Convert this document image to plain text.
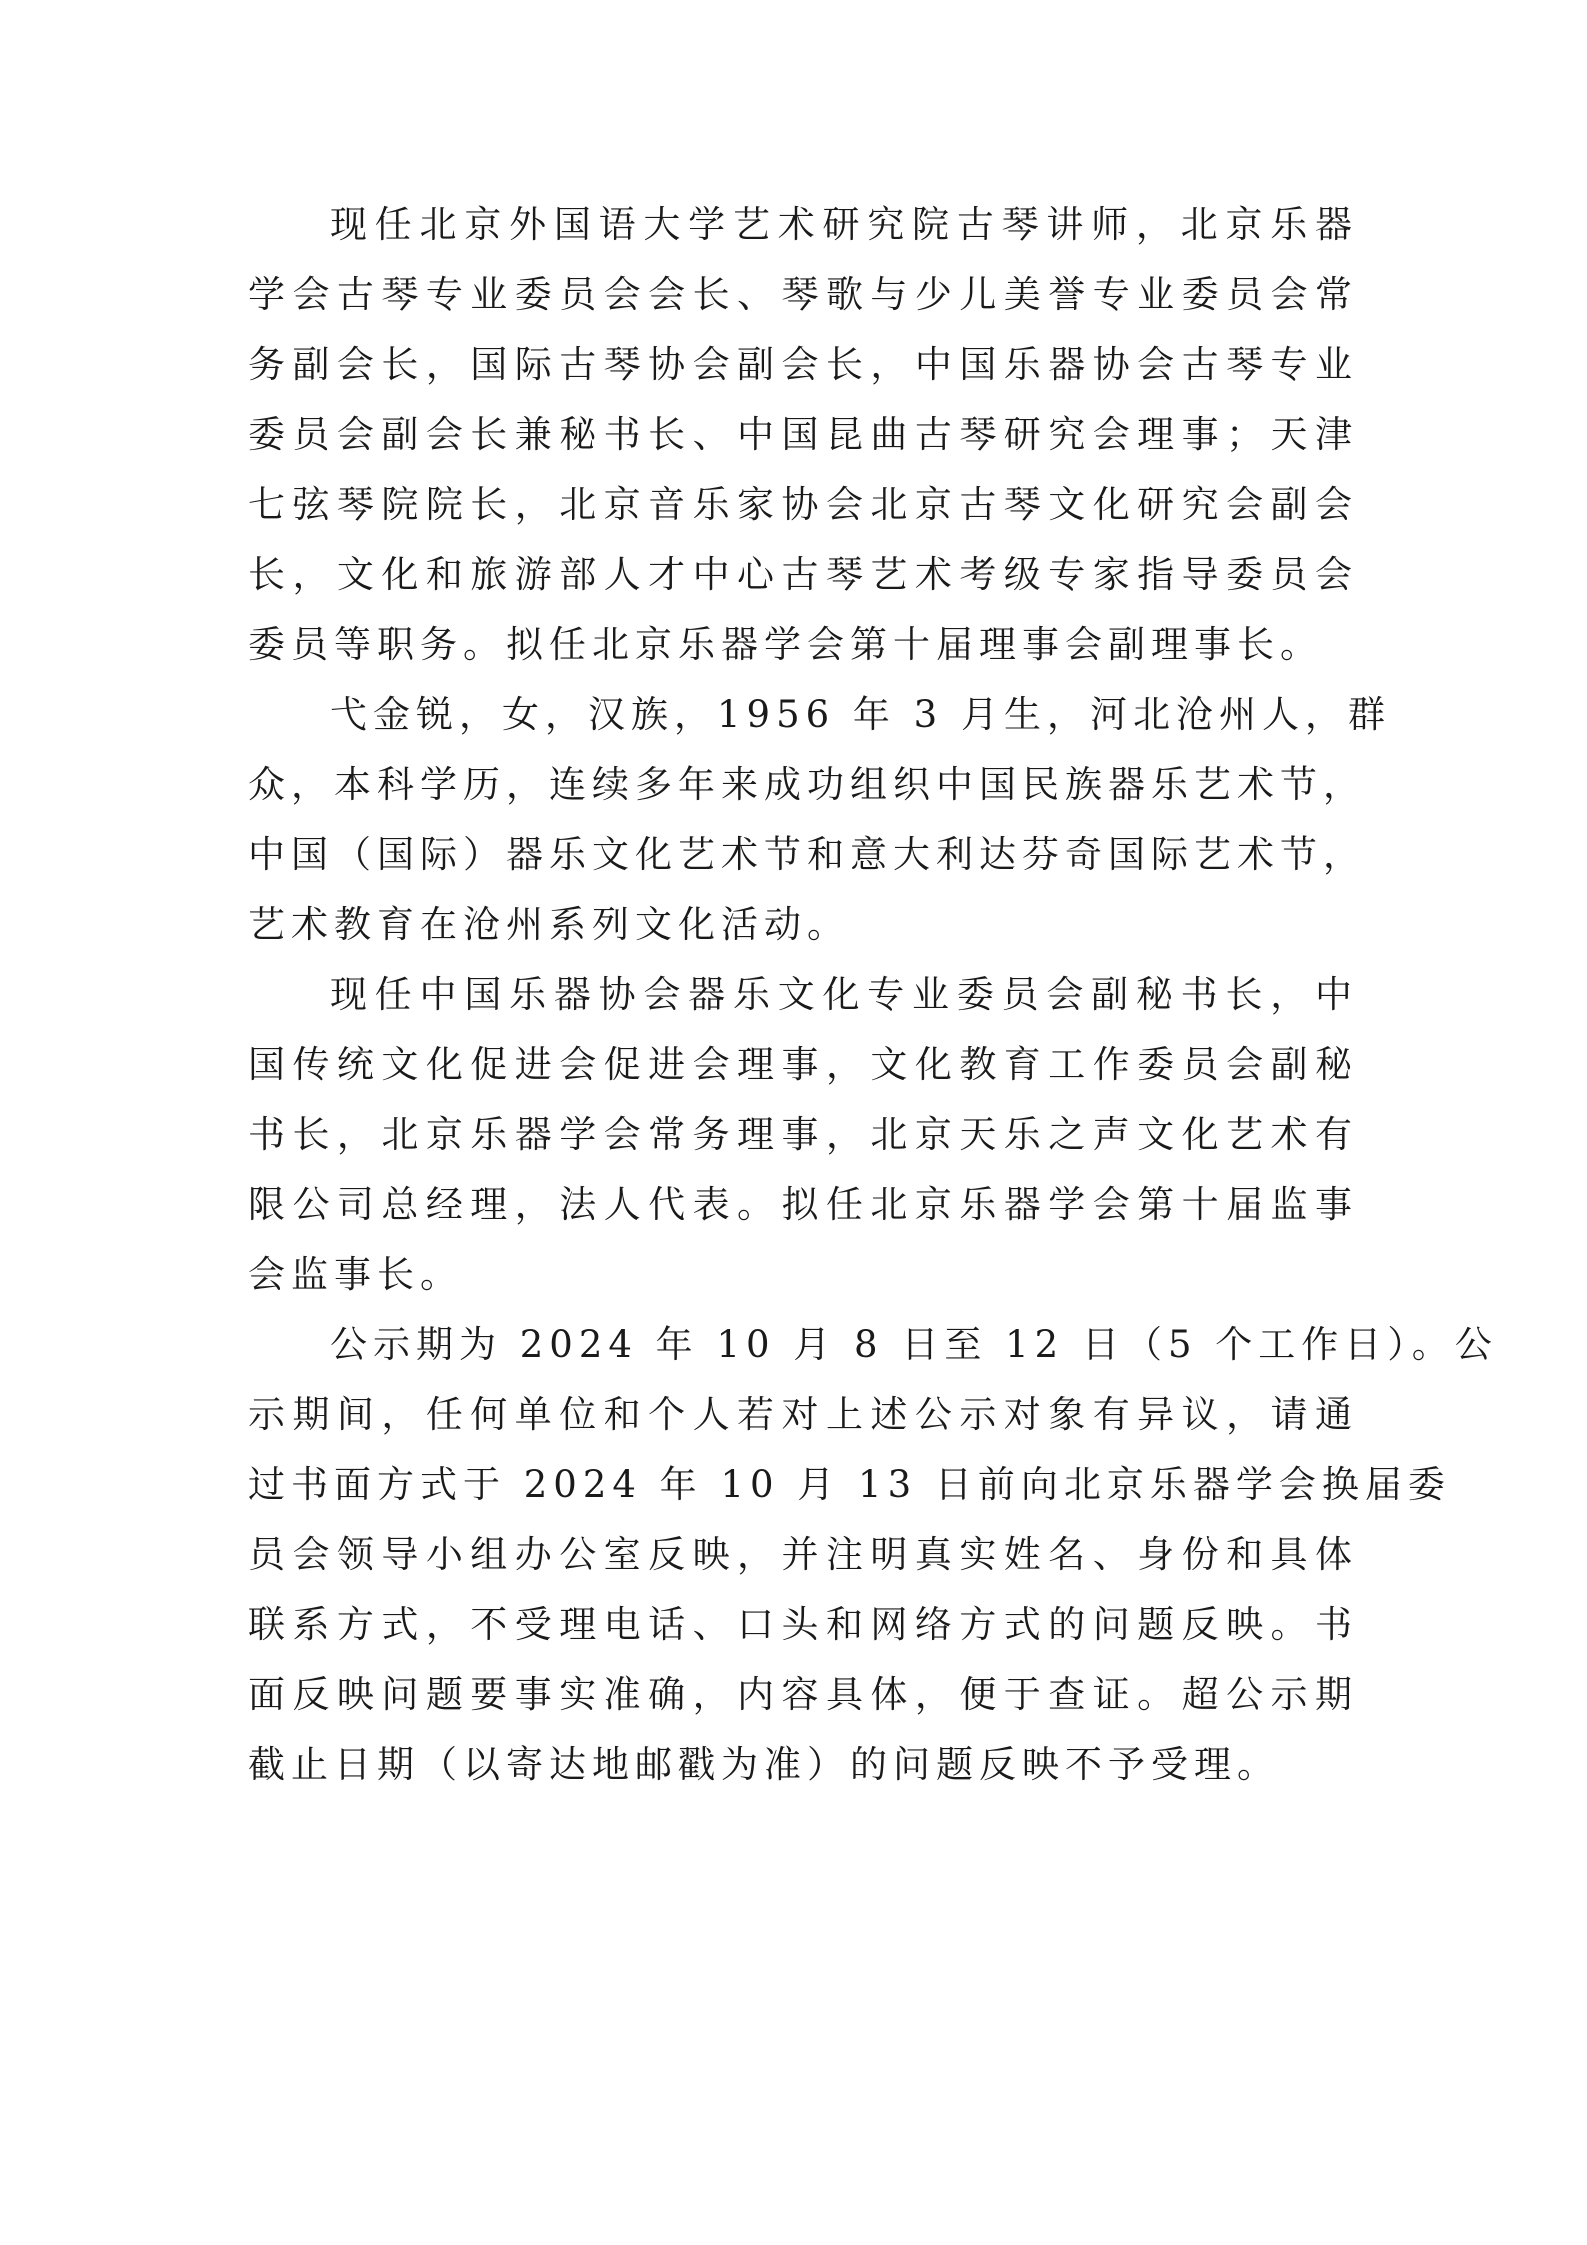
现任北京外国语大学艺术研究院古琴讲师，北京乐器
学会古琴专业委员会会长、琴歌与少儿美誉专业委员会常
务副会长，国际古琴协会副会长，中国乐器协会古琴专业
委员会副会长兼秘书长、中国昆曲古琴研究会理事；天津
七弦琴院院长，北京音乐家协会北京古琴文化研究会副会
长，文化和旅游部人才中心古琴艺术考级专家指导委员会
委员等职务。拟任北京乐器学会第十届理事会副理事长。
弋金锐，女，汉族，1956 年 3 月生，河北沧州人，群
众，本科学历，连续多年来成功组织中国民族器乐艺术节，
中国（国际）器乐文化艺术节和意大利达芬奇国际艺术节，
艺术教育在沧州系列文化活动。
现任中国乐器协会器乐文化专业委员会副秘书长，中
国传统文化促进会促进会理事，文化教育工作委员会副秘
书长，北京乐器学会常务理事，北京天乐之声文化艺术有
限公司总经理，法人代表。拟任北京乐器学会第十届监事
会监事长。
公示期为 2024 年 10 月 8 日至 12 日（5 个工作日）。公
示期间，任何单位和个人若对上述公示对象有异议，请通
过书面方式于 2024 年 10 月 13 日前向北京乐器学会换届委
员会领导小组办公室反映，并注明真实姓名、身份和具体
联系方式，不受理电话、口头和网络方式的问题反映。书
面反映问题要事实准确，内容具体，便于查证。超公示期
截止日期（以寄达地邮戳为准）的问题反映不予受理。
